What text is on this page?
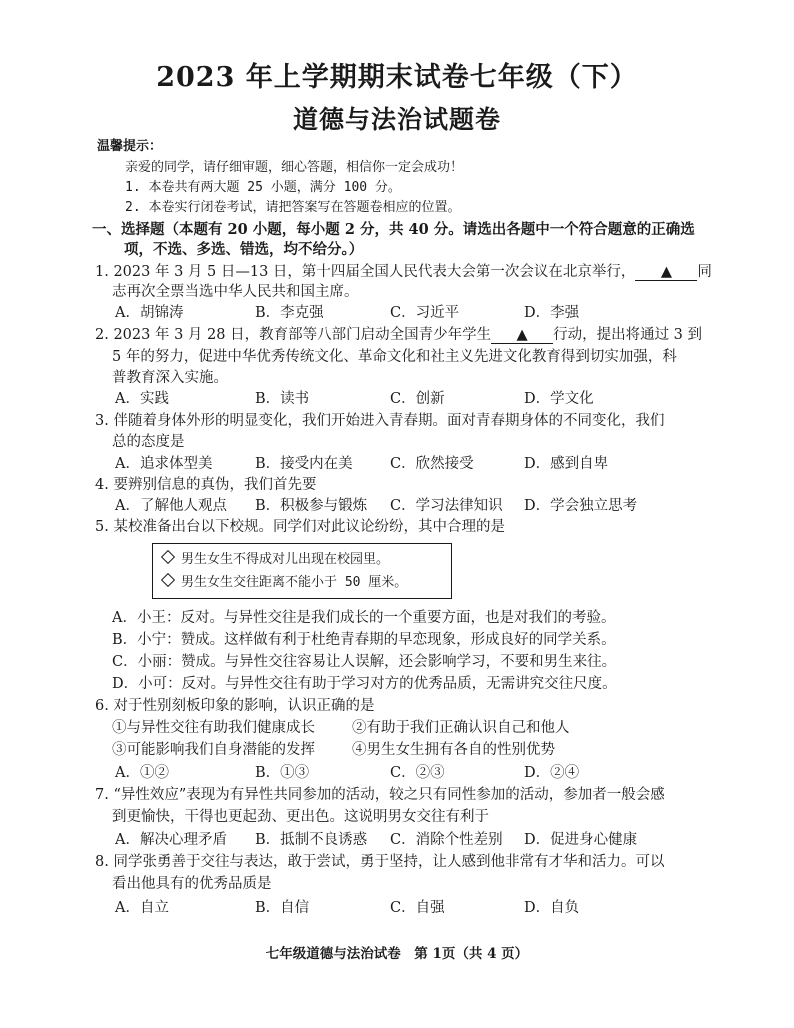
2023 年上学期期末试卷七年级（下）
道德与法治试题卷
温馨提示：
亲爱的同学，请仔细审题，细心答题，相信你一定会成功！
1. 本卷共有两大题 25 小题，满分 100 分。
2. 本卷实行闭卷考试，请把答案写在答题卷相应的位置。
一、选择题（本题有 20 小题，每小题 2 分，共 40 分。请选出各题中一个符合题意的正确选
项，不选、多选、错选，均不给分。）
1. 2023 年 3 月 5 日—13 日，第十四届全国人民代表大会第一次会议在北京举行， ▲ 同
志再次全票当选中华人民共和国主席。
A．胡锦涛	B．李克强	C．习近平	D．李强
2. 2023 年 3 月 28 日，教育部等八部门启动全国青少年学生 ▲ 行动，提出将通过 3 到
5 年的努力，促进中华优秀传统文化、革命文化和社主义先进文化教育得到切实加强，科
普教育深入实施。
A．实践	B．读书	C．创新	D．学文化
3. 伴随着身体外形的明显变化，我们开始进入青春期。面对青春期身体的不同变化，我们
总的态度是
A．追求体型美	B．接受内在美	C．欣然接受	D．感到自卑
4. 要辨别信息的真伪，我们首先要
A．了解他人观点 B．积极参与锻炼 C．学习法律知识 D．学会独立思考
5. 某校准备出台以下校规。同学们对此议论纷纷，其中合理的是
男生女生不得成对儿出现在校园里。
男生女生交往距离不能小于 50 厘米。
A．小王：反对。与异性交往是我们成长的一个重要方面，也是对我们的考验。
B．小宁：赞成。这样做有利于杜绝青春期的早恋现象，形成良好的同学关系。
C．小丽：赞成。与异性交往容易让人误解，还会影响学习，不要和男生来往。
D．小可：反对。与异性交往有助于学习对方的优秀品质，无需讲究交往尺度。
6. 对于性别刻板印象的影响，认识正确的是
①与异性交往有助我们健康成长	②有助于我们正确认识自己和他人
③可能影响我们自身潜能的发挥	④男生女生拥有各自的性别优势
A．①②	B．①③	C．②③	D．②④
7. “异性效应”表现为有异性共同参加的活动，较之只有同性参加的活动，参加者一般会感
到更愉快，干得也更起劲、更出色。这说明男女交往有利于
A．解决心理矛盾 B．抵制不良诱惑 C．消除个性差别 D．促进身心健康
8. 同学张勇善于交往与表达，敢于尝试，勇于坚持，让人感到他非常有才华和活力。可以
看出他具有的优秀品质是
A．自立	B．自信	C．自强	D．自负
七年级道德与法治试卷　第 1页（共 4 页）
